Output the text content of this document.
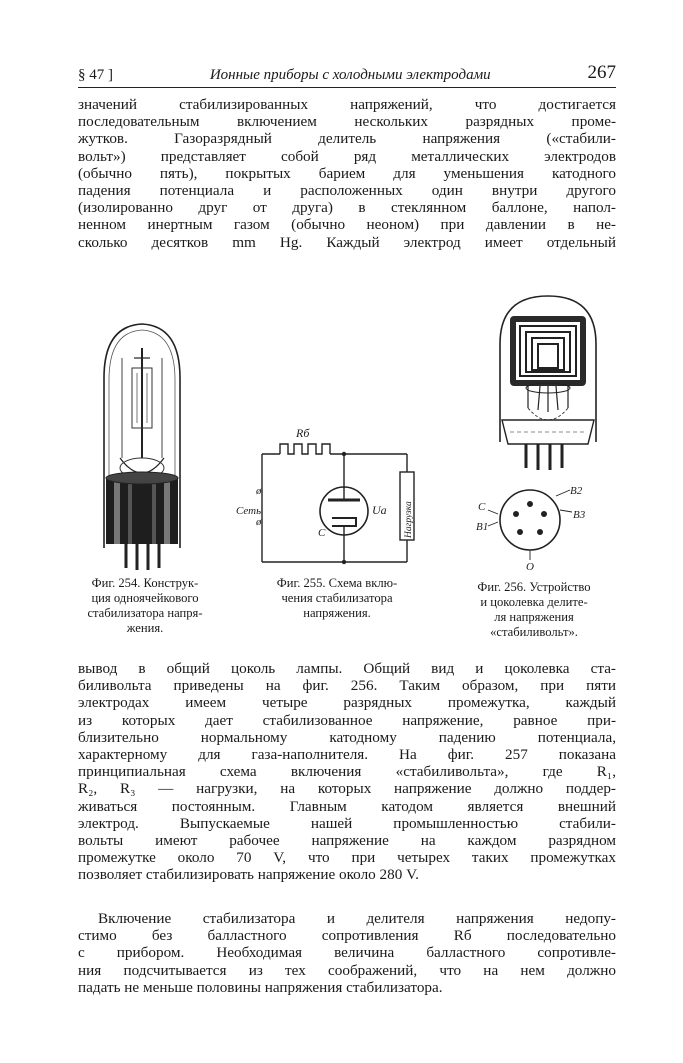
§ 47 ]	Ионные приборы с холодными электродами	267
значений стабилизированных напряжений, что достигается
последовательным включением нескольких разрядных проме-
жутков. Газоразрядный делитель напряжения («стабили-
вольт») представляет собой ряд металлических электродов
(обычно пять), покрытых барием для уменьшения катодного
падения потенциала и расположенных один внутри другого
(изолированно друг от друга) в стеклянном баллоне, напол-
ненном инертным газом (обычно неоном) при давлении в не-
сколько десятков mm Hg. Каждый электрод имеет отдельный
Фиг. 254. Конструк-
ция одноячейкового
стабилизатора напря-
жения.
ø
ø
Rб
Сеть
С
Uа Нагрузка
Фиг. 255. Схема вклю-
чения стабилизатора
напряжения.
B2
B3
C
B1
O
Фиг. 256. Устройство
и цоколевка делите-
ля напряжения
«стабиливольт».
вывод в общий цоколь лампы. Общий вид и цоколевка ста-
биливольта приведены на фиг. 256. Таким образом, при пяти
электродах имеем четыре разрядных промежутка, каждый
из которых дает стабилизованное напряжение, равное при-
близительно нормальному катодному падению потенциала,
характерному для газа-наполнителя. На фиг. 257 показана
принципиальная схема включения «стабиливольта», где R₁,
R₂, R₃ — нагрузки, на которых напряжение должно поддер-
живаться постоянным. Главным катодом является внешний
электрод. Выпускаемые нашей промышленностью стабили-
вольты имеют рабочее напряжение на каждом разрядном
промежутке около 70 V, что при четырех таких промежутках
позволяет стабилизировать напряжение около 280 V.
Включение стабилизатора и делителя напряжения недопу-
стимо без балластного сопротивления Rб последовательно
с прибором. Необходимая величина балластного сопротивле-
ния подсчитывается из тех соображений, что на нем должно
падать не меньше половины напряжения стабилизатора.
